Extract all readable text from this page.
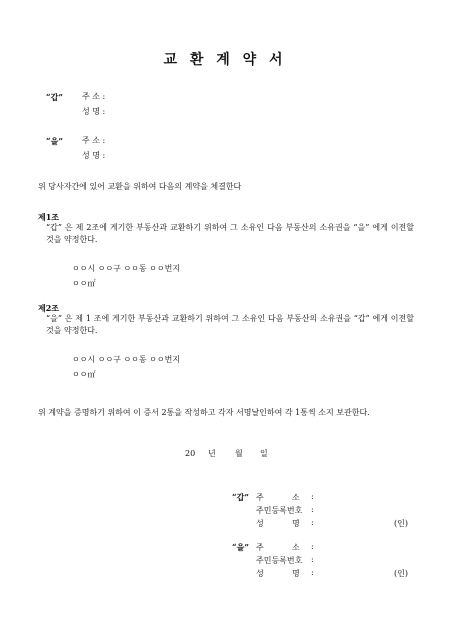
교 환 계 약 서
“갑” 주 소 :
성 명 :
“을” 주 소 :
성 명 :
위 당사자간에 있어 교환을 위하여 다음의 계약을 체결한다
제1조
“갑” 은 제 2조에 게기한 부동산과 교환하기 위하여 그 소유인 다음 부동산의 소유권을 “을” 에게 이전할 것을 약정한다.
ㅇㅇ시 ㅇㅇ구 ㅇㅇ동 ㅇㅇ번지
ㅇㅇ㎡
제2조
“을” 은 제 1 조에 게기한 부동산과 교환하기 위하여 그 소유인 다음 부동산의 소유권을 “갑” 에게 이전할 것을 약정한다.
ㅇㅇ시 ㅇㅇ구 ㅇㅇ동 ㅇㅇ번지
ㅇㅇ㎡
위 계약을 증명하기 위하여 이 증서 2통을 작성하고 각자 서명날인하여 각 1통씩 소지 보관한다.
20 년 월 일
“갑” 주	소 :
주민등록번호 :
성	명 :	(인)
“을” 주	소 :
주민등록번호 :
성	명 :	(인)
